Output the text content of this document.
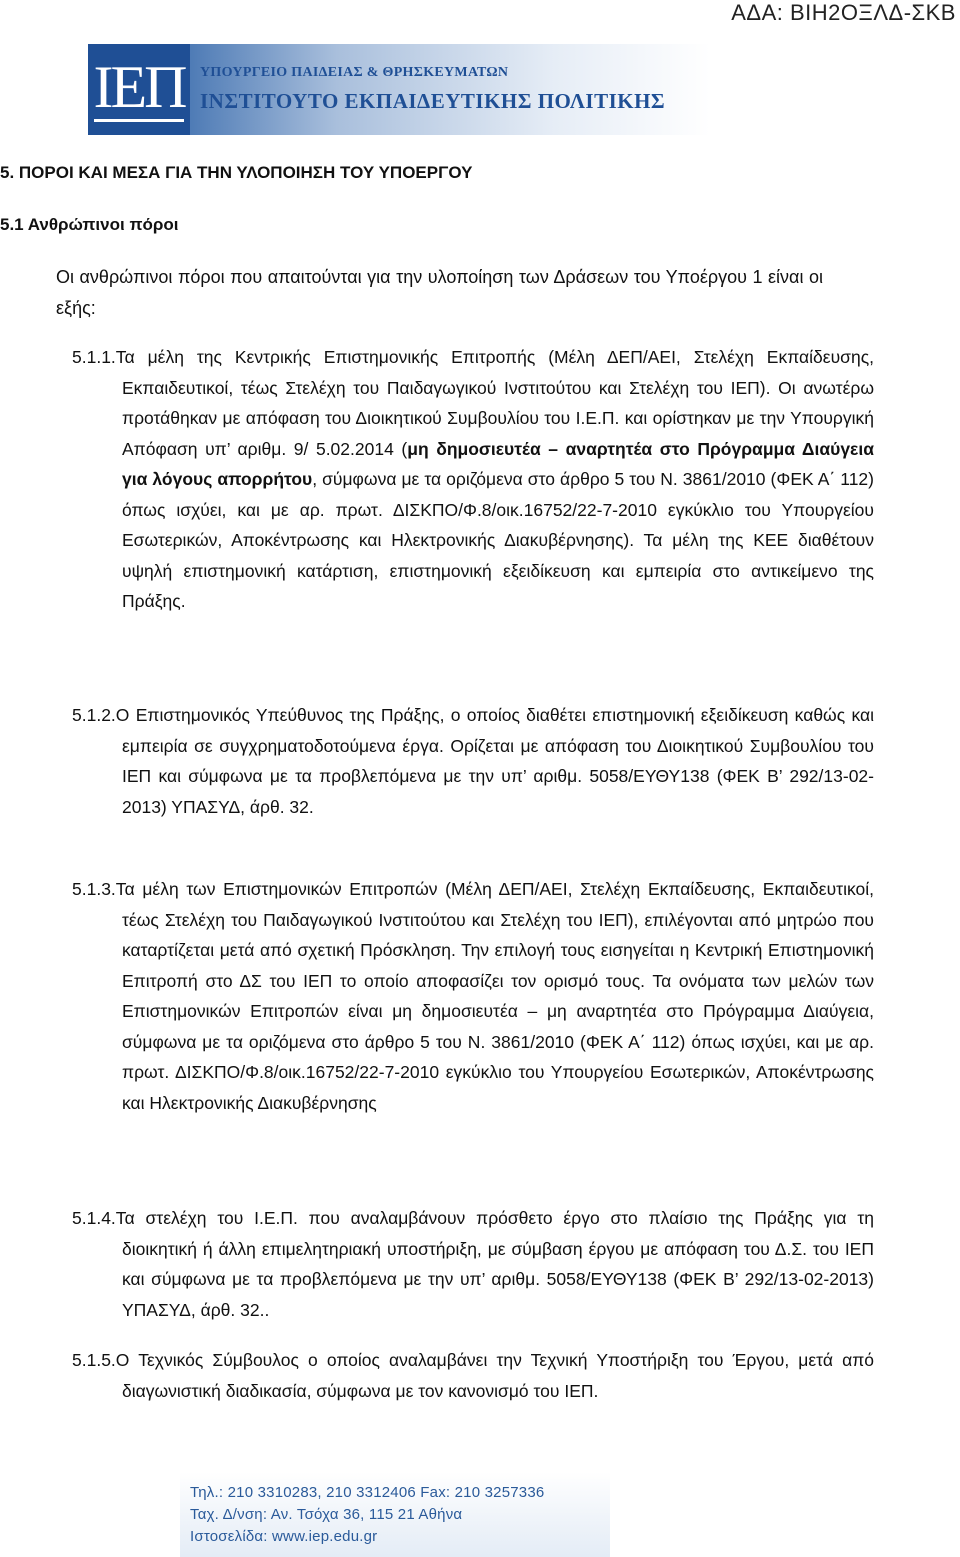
ΑΔΑ: ΒΙΗ2ΟΞΛΔ-ΣΚΒ
ΙΕΠ ΥΠΟΥΡΓΕΙΟ ΠΑΙΔΕΙΑΣ & ΘΡΗΣΚΕΥΜΑΤΩΝ
ΙΝΣΤΙΤΟΥΤΟ ΕΚΠΑΙΔΕΥΤΙΚΗΣ ΠΟΛΙΤΙΚΗΣ
5. ΠΟΡΟΙ ΚΑΙ ΜΕΣΑ ΓΙΑ ΤΗΝ ΥΛΟΠΟΙΗΣΗ ΤΟΥ ΥΠΟΕΡΓΟΥ
5.1 Ανθρώπινοι πόροι
Οι ανθρώπινοι πόροι που απαιτούνται για την υλοποίηση των Δράσεων του Υποέργου 1 είναι οι εξής:
5.1.1.Τα μέλη της Κεντρικής Επιστημονικής Επιτροπής (Μέλη ΔΕΠ/ΑΕΙ, Στελέχη Εκπαίδευσης, Εκπαιδευτικοί, τέως Στελέχη του Παιδαγωγικού Ινστιτούτου και Στελέχη του ΙΕΠ). Οι ανωτέρω προτάθηκαν με απόφαση του Διοικητικού Συμβουλίου του Ι.Ε.Π. και ορίστηκαν με την Υπουργική Απόφαση υπ’ αριθμ. 9/ 5.02.2014 (μη δημοσιευτέα – αναρτητέα στο Πρόγραμμα Διαύγεια για λόγους απορρήτου, σύμφωνα με τα οριζόμενα στο άρθρο 5 του Ν. 3861/2010 (ΦΕΚ Α΄ 112) όπως ισχύει, και με αρ. πρωτ. ΔΙΣΚΠΟ/Φ.8/οικ.16752/22-7-2010 εγκύκλιο του Υπουργείου Εσωτερικών, Αποκέντρωσης και Ηλεκτρονικής Διακυβέρνησης). Τα μέλη της ΚΕΕ διαθέτουν υψηλή επιστημονική κατάρτιση, επιστημονική εξειδίκευση και εμπειρία στο αντικείμενο της Πράξης.
5.1.2.Ο Επιστημονικός Υπεύθυνος της Πράξης, ο οποίος διαθέτει επιστημονική εξειδίκευση καθώς και εμπειρία σε συγχρηματοδοτούμενα έργα. Ορίζεται με απόφαση του Διοικητικού Συμβουλίου του ΙΕΠ και σύμφωνα με τα προβλεπόμενα με την υπ’ αριθμ. 5058/ΕΥΘΥ138 (ΦΕΚ Β’ 292/13-02-2013) ΥΠΑΣΥΔ, άρθ. 32.
5.1.3.Τα μέλη των Επιστημονικών Επιτροπών (Μέλη ΔΕΠ/ΑΕΙ, Στελέχη Εκπαίδευσης, Εκπαιδευτικοί, τέως Στελέχη του Παιδαγωγικού Ινστιτούτου και Στελέχη του ΙΕΠ), επιλέγονται από μητρώο που καταρτίζεται μετά από σχετική Πρόσκληση. Την επιλογή τους εισηγείται η Κεντρική Επιστημονική Επιτροπή στο ΔΣ του ΙΕΠ το οποίο αποφασίζει τον ορισμό τους. Τα ονόματα των μελών των Επιστημονικών Επιτροπών είναι μη δημοσιευτέα – μη αναρτητέα στο Πρόγραμμα Διαύγεια, σύμφωνα με τα οριζόμενα στο άρθρο 5 του Ν. 3861/2010 (ΦΕΚ Α΄ 112) όπως ισχύει, και με αρ. πρωτ. ΔΙΣΚΠΟ/Φ.8/οικ.16752/22-7-2010 εγκύκλιο του Υπουργείου Εσωτερικών, Αποκέντρωσης και Ηλεκτρονικής Διακυβέρνησης
5.1.4.Τα στελέχη του Ι.Ε.Π. που αναλαμβάνουν πρόσθετο έργο στο πλαίσιο της Πράξης για τη διοικητική ή άλλη επιμελητηριακή υποστήριξη, με σύμβαση έργου με απόφαση του Δ.Σ. του ΙΕΠ και σύμφωνα με τα προβλεπόμενα με την υπ’ αριθμ. 5058/ΕΥΘΥ138 (ΦΕΚ Β’ 292/13-02-2013) ΥΠΑΣΥΔ, άρθ. 32..
5.1.5.Ο Τεχνικός Σύμβουλος ο οποίος αναλαμβάνει την Τεχνική Υποστήριξη του Έργου, μετά από διαγωνιστική διαδικασία, σύμφωνα με τον κανονισμό του ΙΕΠ.
Τηλ.: 210 3310283, 210 3312406 Fax: 210 3257336
Ταχ. Δ/νση: Αν. Τσόχα 36, 115 21 Αθήνα
Ιστοσελίδα: www.iep.edu.gr
